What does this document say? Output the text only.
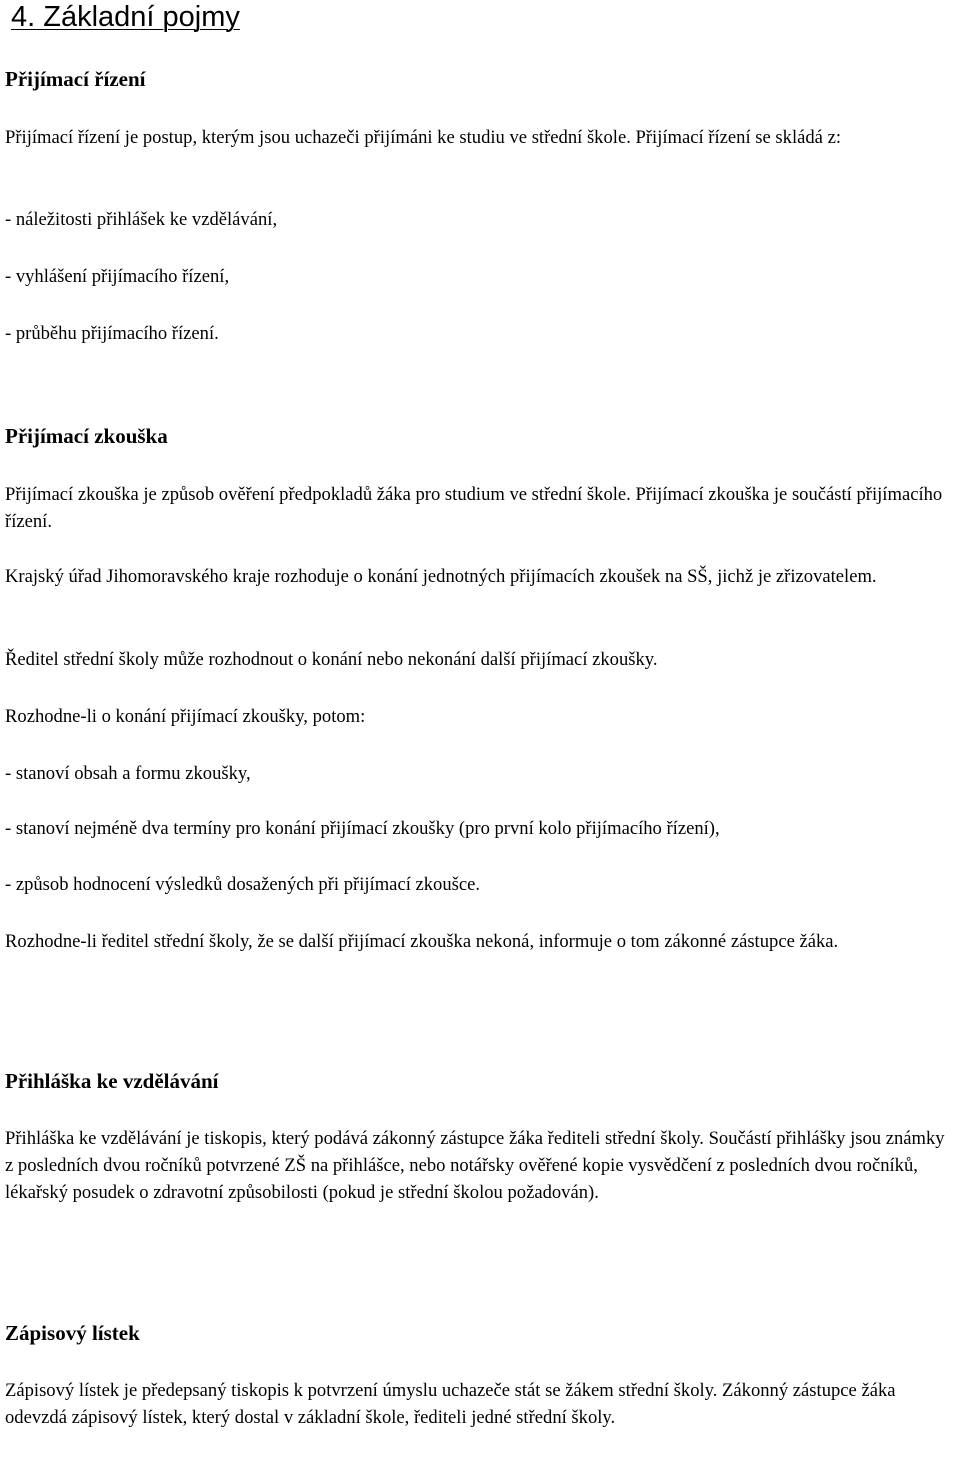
4. Základní pojmy
Přijímací řízení

Přijímací řízení je postup, kterým jsou uchazeči přijímáni ke studiu ve střední škole. Přijímací řízení se skládá z:

- náležitosti přihlášek ke vzdělávání,

- vyhlášení přijímacího řízení,

- průběhu přijímacího řízení.

Přijímací zkouška

Přijímací zkouška je způsob ověření předpokladů žáka pro studium ve střední škole. Přijímací zkouška je součástí přijímacího řízení.

Krajský úřad Jihomoravského kraje rozhoduje o konání jednotných přijímacích zkoušek na SŠ, jichž je zřizovatelem.

Ředitel střední školy může rozhodnout o konání nebo nekonání další přijímací zkoušky.

Rozhodne-li o konání přijímací zkoušky, potom:

- stanoví obsah a formu zkoušky,

- stanoví nejméně dva termíny pro konání přijímací zkoušky (pro první kolo přijímacího řízení),

- způsob hodnocení výsledků dosažených při přijímací zkoušce.

Rozhodne-li ředitel střední školy, že se další přijímací zkouška nekoná, informuje o tom zákonné zástupce žáka.

Přihláška ke vzdělávání

Přihláška ke vzdělávání je tiskopis, který podává zákonný zástupce žáka řediteli střední školy. Součástí přihlášky jsou známky z posledních dvou ročníků potvrzené ZŠ na přihlášce, nebo notářsky ověřené kopie vysvědčení z posledních dvou ročníků, lékařský posudek o zdravotní způsobilosti (pokud je střední školou požadován).

Zápisový lístek

Zápisový lístek je předepsaný tiskopis k potvrzení úmyslu uchazeče stát se žákem střední školy. Zákonný zástupce žáka odevzdá zápisový lístek, který dostal v základní škole, řediteli jedné střední školy.
